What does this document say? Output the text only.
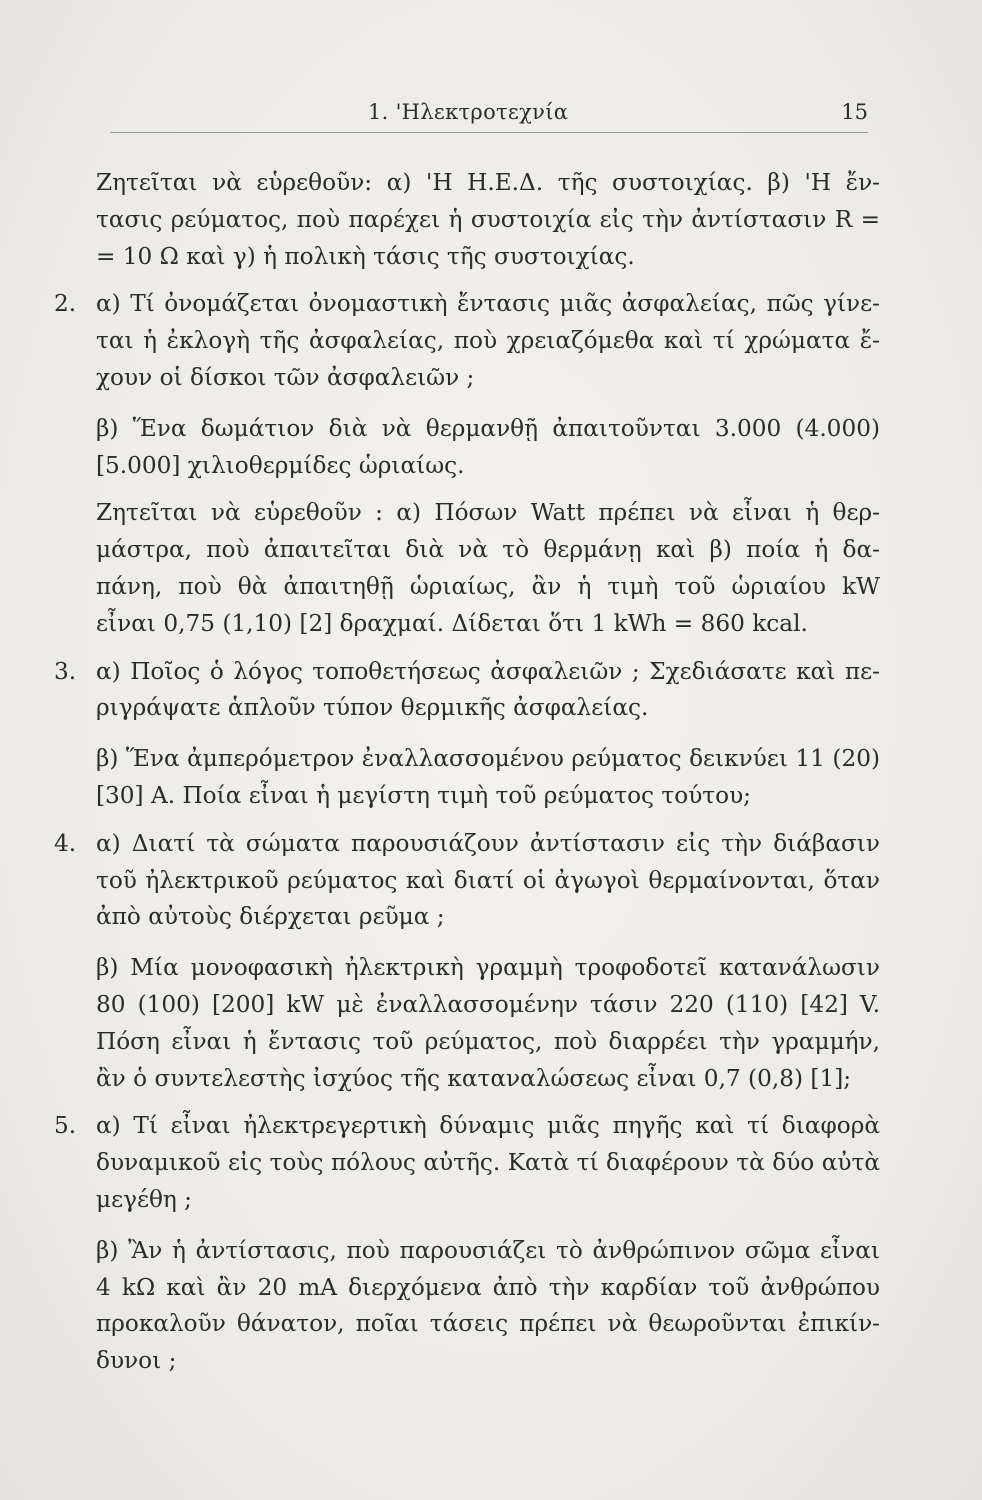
1. 'Ηλεκτροτεχνία	15
Ζητεῖται νὰ εὑρεθοῦν: α) 'Η Η.Ε.Δ. τῆς συστοιχίας. β) 'Η ἔν-
τασις ρεύματος, ποὺ παρέχει ἡ συστοιχία εἰς τὴν ἀντίστασιν R =
= 10 Ω καὶ γ) ἡ πολικὴ τάσις τῆς συστοιχίας.
2. α) Τί ὀνομάζεται ὀνομαστικὴ ἔντασις μιᾶς ἀσφαλείας, πῶς γίνε-
ται ἡ ἐκλογὴ τῆς ἀσφαλείας, ποὺ χρειαζόμεθα καὶ τί χρώματα ἔ-
χουν οἱ δίσκοι τῶν ἀσφαλειῶν ;
β) Ἕνα δωμάτιον διὰ νὰ θερμανθῇ ἀπαιτοῦνται 3.000 (4.000)
[5.000] χιλιοθερμίδες ὡριαίως.
Ζητεῖται νὰ εὑρεθοῦν : α) Πόσων Watt πρέπει νὰ εἶναι ἡ θερ-
μάστρα, ποὺ ἀπαιτεῖται διὰ νὰ τὸ θερμάνῃ καὶ β) ποία ἡ δα-
πάνη, ποὺ θὰ ἀπαιτηθῇ ὡριαίως, ἂν ἡ τιμὴ τοῦ ὡριαίου kW
εἶναι 0,75 (1,10) [2] δραχμαί. Δίδεται ὅτι 1 kWh = 860 kcal.
3. α) Ποῖος ὁ λόγος τοποθετήσεως ἀσφαλειῶν ; Σχεδιάσατε καὶ πε-
ριγράψατε ἁπλοῦν τύπον θερμικῆς ἀσφαλείας.
β) Ἕνα ἀμπερόμετρον ἐναλλασσομένου ρεύματος δεικνύει 11 (20)
[30] A. Ποία εἶναι ἡ μεγίστη τιμὴ τοῦ ρεύματος τούτου;
4. α) Διατί τὰ σώματα παρουσιάζουν ἀντίστασιν εἰς τὴν διάβασιν
τοῦ ἠλεκτρικοῦ ρεύματος καὶ διατί οἱ ἀγωγοὶ θερμαίνονται, ὅταν
ἀπὸ αὐτοὺς διέρχεται ρεῦμα ;
β) Μία μονοφασικὴ ἠλεκτρικὴ γραμμὴ τροφοδοτεῖ κατανάλωσιν
80 (100) [200] kW μὲ ἐναλλασσομένην τάσιν 220 (110) [42] V.
Πόση εἶναι ἡ ἔντασις τοῦ ρεύματος, ποὺ διαρρέει τὴν γραμμήν,
ἂν ὁ συντελεστὴς ἰσχύος τῆς καταναλώσεως εἶναι 0,7 (0,8) [1];
5. α) Τί εἶναι ἠλεκτρεγερτικὴ δύναμις μιᾶς πηγῆς καὶ τί διαφορὰ
δυναμικοῦ εἰς τοὺς πόλους αὐτῆς. Κατὰ τί διαφέρουν τὰ δύο αὐτὰ
μεγέθη ;
β) Ἂν ἡ ἀντίστασις, ποὺ παρουσιάζει τὸ ἀνθρώπινον σῶμα εἶναι
4 kΩ καὶ ἂν 20 mA διερχόμενα ἀπὸ τὴν καρδίαν τοῦ ἀνθρώπου
προκαλοῦν θάνατον, ποῖαι τάσεις πρέπει νὰ θεωροῦνται ἐπικίν-
δυνοι ;
